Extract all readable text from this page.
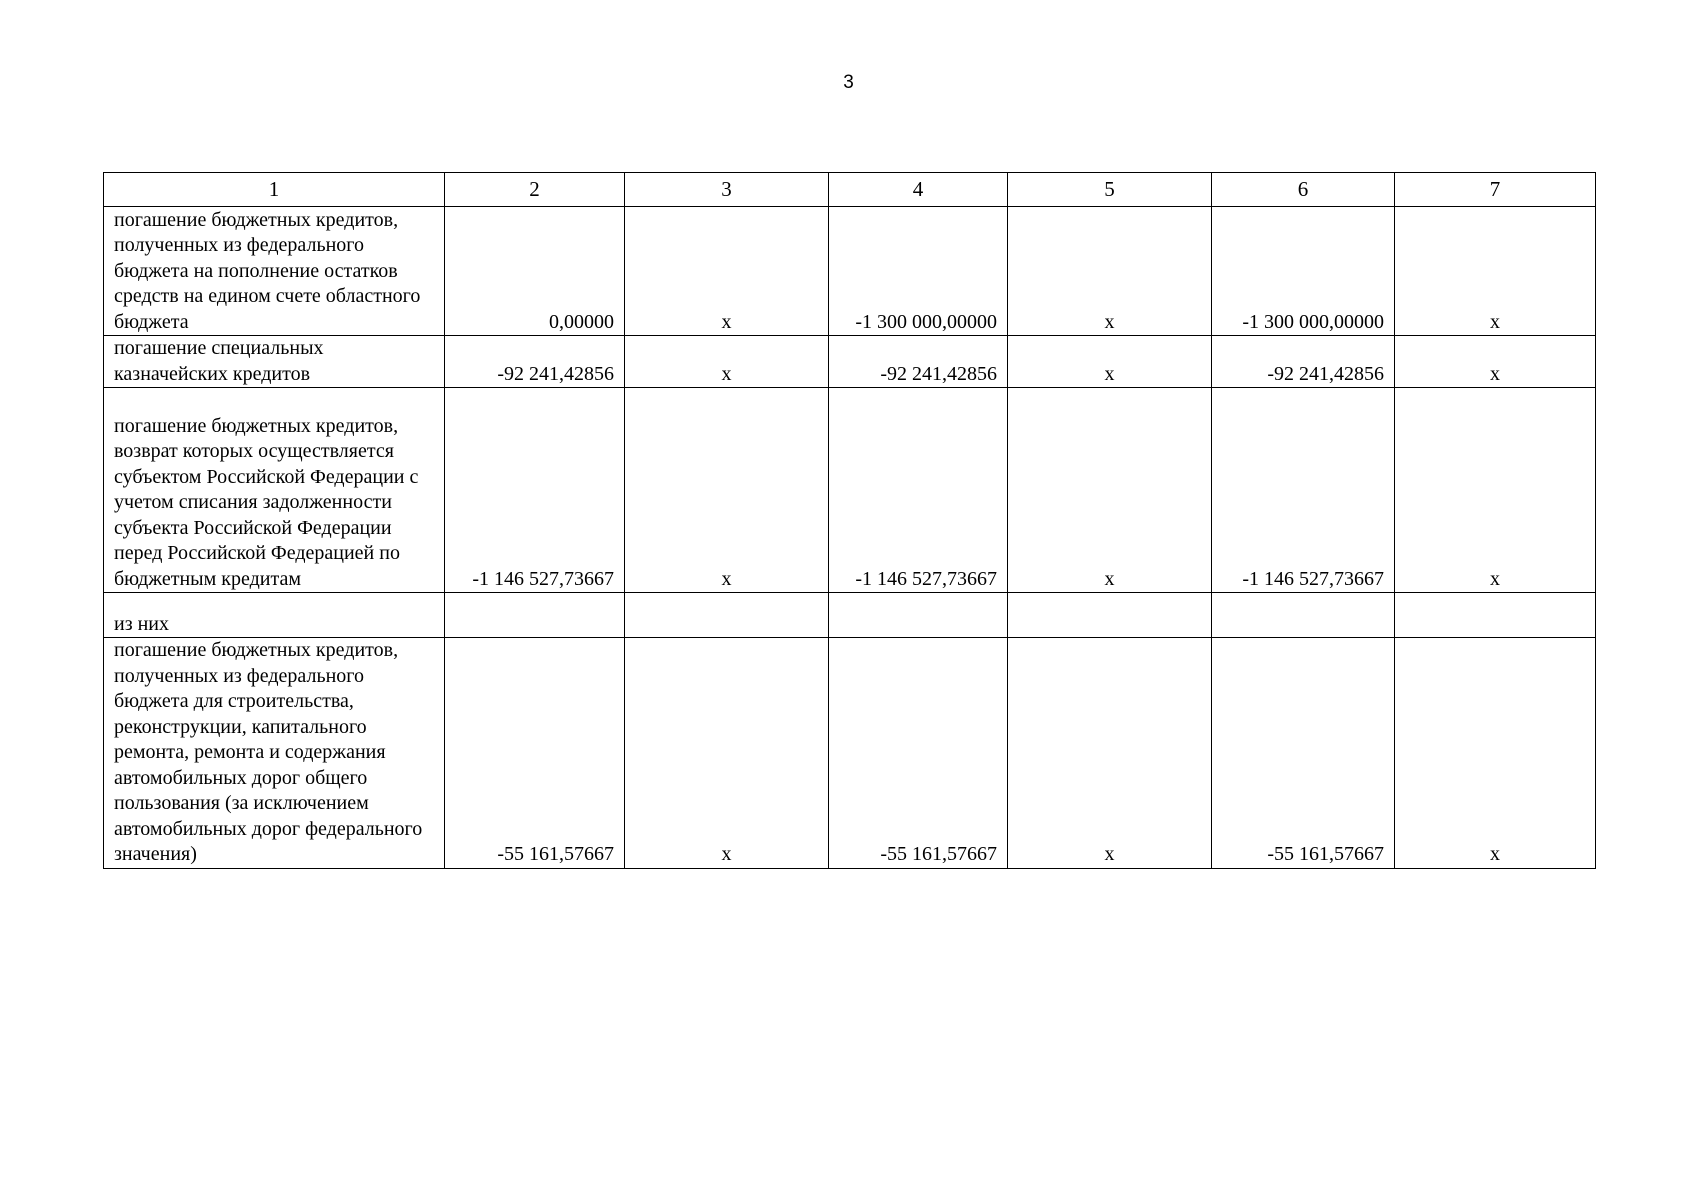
3
1	2	3	4	5	6	7
погашение бюджетных кредитов, полученных из федерального бюджета на пополнение остатков средств на едином счете областного бюджета	0,00000	х	-1 300 000,00000	х	-1 300 000,00000	х
погашение специальных казначейских кредитов	-92 241,42856	х	-92 241,42856	х	-92 241,42856	х
погашение бюджетных кредитов, возврат которых осуществляется субъектом Российской Федерации с учетом списания задолженности субъекта Российской Федерации перед Российской Федерацией по бюджетным кредитам	-1 146 527,73667	х	-1 146 527,73667	х	-1 146 527,73667	х
из них						
погашение бюджетных кредитов, полученных из федерального бюджета для строительства, реконструкции, капитального ремонта, ремонта и содержания автомобильных дорог общего пользования (за исключением автомобильных дорог федерального значения)	-55 161,57667	х	-55 161,57667	х	-55 161,57667	х
